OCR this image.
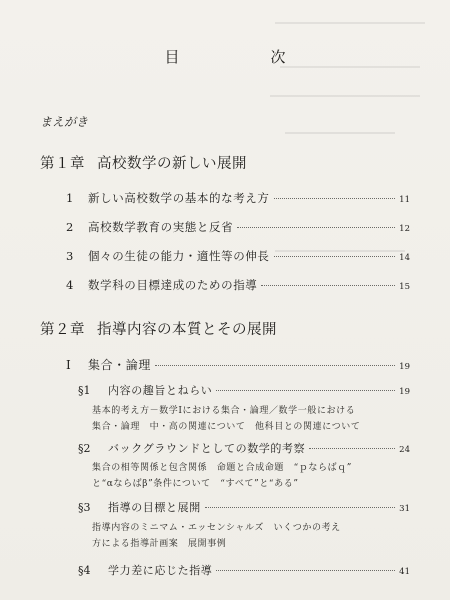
目　次
まえがき
第１章 高校数学の新しい展開
1	新しい高校数学の基本的な考え方	11
2	高校数学教育の実態と反省	12
3	個々の生徒の能力・適性等の伸長	14
4	数学科の目標達成のための指導	15
第２章 指導内容の本質とその展開
I	集合・論理	19
§1	内容の趣旨とねらい	19
基本的考え方－数学Ⅰにおける集合・論理／数学一般における
集合・論理　中・高の関連について　他科目との関連について
§2	バックグラウンドとしての数学的考察	24
集合の相等関係と包含関係　命題と合成命題　“ｐならばｑ”
と“αならばβ”条件について　“すべて”と“ある”
§3	指導の目標と展開	31
指導内容のミニマム・エッセンシャルズ　いくつかの考え
方による指導計画案　展開事例
§4	学力差に応じた指導	41
